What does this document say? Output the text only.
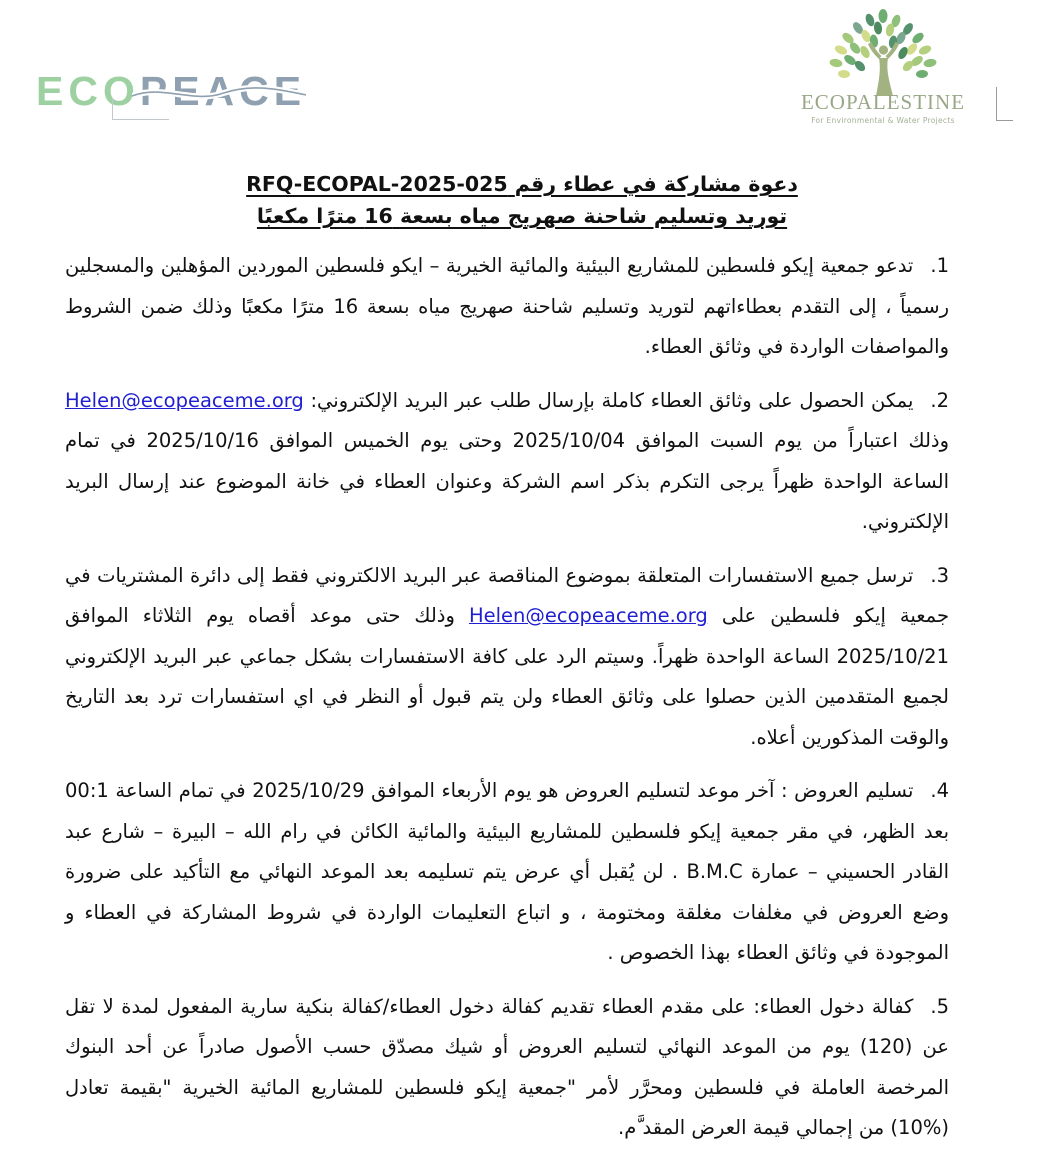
ECOPEACE	ECOPALESTINE
For Environmental & Water Projects
دعوة مشاركة في عطاء رقم RFQ-ECOPAL-2025-025
توريد وتسليم شاحنة صهريج مياه بسعة 16 مترًا مكعبًا
1.تدعو جمعية إيكو فلسطين للمشاريع البيئية والمائية الخيرية – ايكو فلسطين الموردين المؤهلين والمسجلين رسمياً ، إلى التقدم بعطاءاتهم لتوريد وتسليم شاحنة صهريج مياه بسعة 16 مترًا مكعبًا وذلك ضمن الشروط والمواصفات الواردة في وثائق العطاء.
2.يمكن الحصول على وثائق العطاء كاملة بإرسال طلب عبر البريد الإلكتروني: Helen@ecopeaceme.org وذلك اعتباراً من يوم السبت الموافق 2025/10/04 وحتى يوم الخميس الموافق 2025/10/16 في تمام الساعة الواحدة ظهراً يرجى التكرم بذكر اسم الشركة وعنوان العطاء في خانة الموضوع عند إرسال البريد الإلكتروني.
3.ترسل جميع الاستفسارات المتعلقة بموضوع المناقصة عبر البريد الالكتروني فقط إلى دائرة المشتريات في جمعية إيكو فلسطين على Helen@ecopeaceme.org وذلك حتى موعد أقصاه يوم الثلاثاء الموافق 2025/10/21 الساعة الواحدة ظهراً. وسيتم الرد على كافة الاستفسارات بشكل جماعي عبر البريد الإلكتروني لجميع المتقدمين الذين حصلوا على وثائق العطاء ولن يتم قبول أو النظر في اي استفسارات ترد بعد التاريخ والوقت المذكورين أعلاه.
4.تسليم العروض : آخر موعد لتسليم العروض هو يوم الأربعاء الموافق 2025/10/29 في تمام الساعة 00:1 بعد الظهر، في مقر جمعية إيكو فلسطين للمشاريع البيئية والمائية الكائن في رام الله – البيرة – شارع عبد القادر الحسيني – عمارة B.M.C . لن يُقبل أي عرض يتم تسليمه بعد الموعد النهائي مع التأكيد على ضرورة وضع العروض في مغلفات مغلقة ومختومة ، و اتباع التعليمات الواردة في شروط المشاركة في العطاء و الموجودة في وثائق العطاء بهذا الخصوص .
5.كفالة دخول العطاء: على مقدم العطاء تقديم كفالة دخول العطاء/كفالة بنكية سارية المفعول لمدة لا تقل عن (120) يوم من الموعد النهائي لتسليم العروض أو شيك مصدّق حسب الأصول صادراً عن أحد البنوك المرخصة العاملة في فلسطين ومحرَّر لأمر "جمعية إيكو فلسطين للمشاريع المائية الخيرية "بقيمة تعادل (%10) من إجمالي قيمة العرض المقد َّم.
